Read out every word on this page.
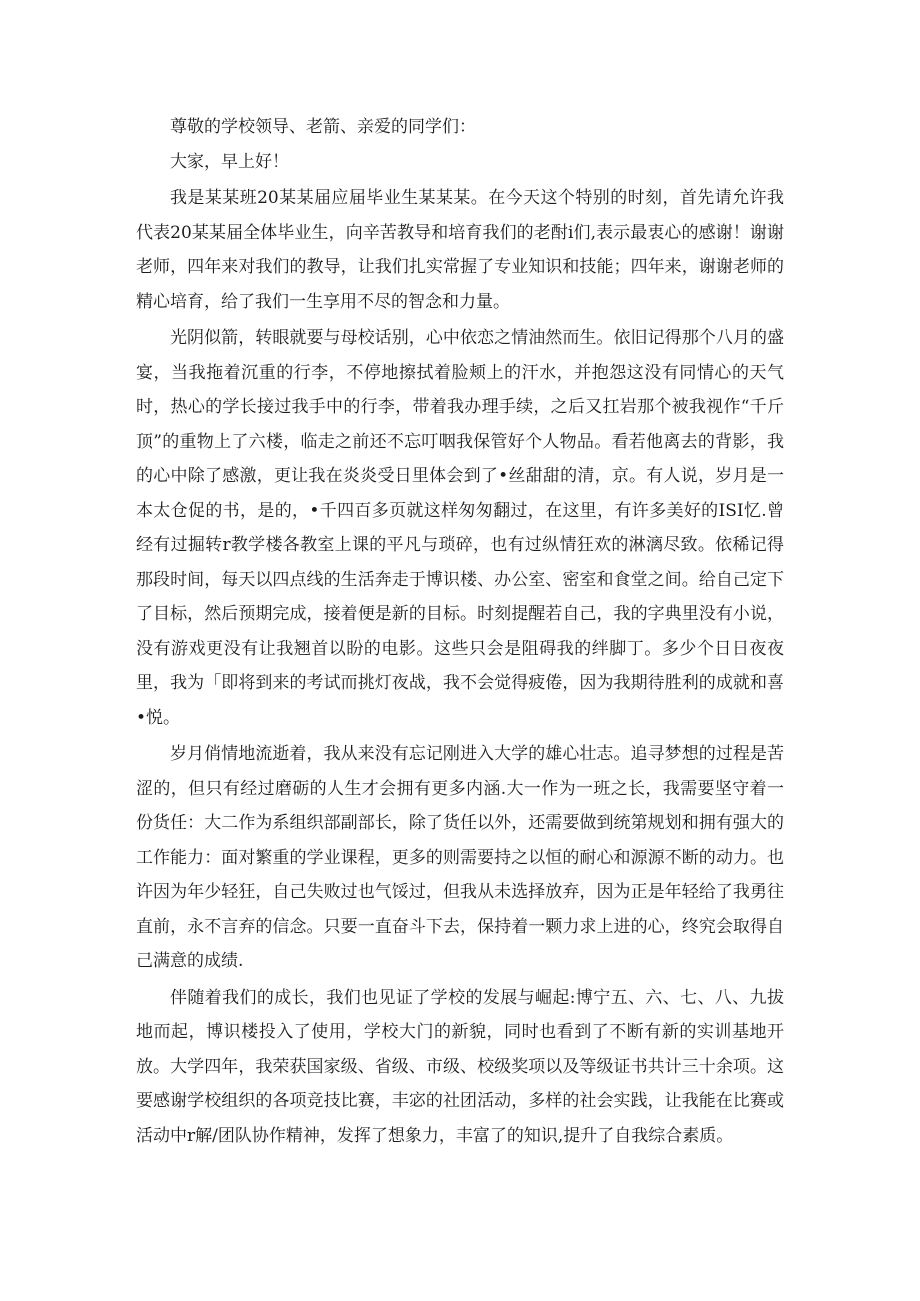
尊敬的学校领导、老箭、亲爱的同学们：

大家，早上好！

我是某某班20某某届应届毕业生某某某。在今天这个特别的时刻，首先请允许我代表20某某届全体毕业生，向辛苦教导和培育我们的老酎i们,表示最衷心的感谢！谢谢老师，四年来对我们的教导，让我们扎实常握了专业知识和技能；四年来，谢谢老师的精心培育，给了我们一生享用不尽的智念和力量。

光阴似箭，转眼就要与母校话别，心中依恋之情油然而生。依旧记得那个八月的盛宴，当我拖着沉重的行李，不停地擦拭着脸颊上的汗水，并抱怨这没有同情心的天气时，热心的学长接过我手中的行李，带着我办理手续，之后又扛岩那个被我视作“千斤顶”的重物上了六楼，临走之前还不忘叮咽我保管好个人物品。看若他离去的背影，我的心中除了感激，更让我在炎炎受日里体会到了•丝甜甜的清，京。有人说，岁月是一本太仓促的书，是的，•千四百多页就这样匆匆翻过，在这里，有许多美好的ISI忆.曾经有过掘转r教学楼各教室上课的平凡与琐碎，也有过纵情狂欢的淋漓尽致。依稀记得那段时间，每天以四点线的生活奔走于博识楼、办公室、密室和食堂之间。给自己定下了目标，然后预期完成，接着便是新的目标。时刻提醒若自己，我的字典里没有小说，没有游戏更没有让我翘首以盼的电影。这些只会是阻碍我的绊脚丁。多少个日日夜夜里，我为「即将到来的考试而挑灯夜战，我不会觉得疲倦，因为我期待胜利的成就和喜•悦。

岁月俏情地流逝着，我从来没有忘记刚进入大学的雄心壮志。追寻梦想的过程是苦涩的，但只有经过磨砺的人生才会拥有更多内涵.大一作为一班之长，我需要坚守着一份货任：大二作为系组织部副部长，除了货任以外，还需要做到统第规划和拥有强大的工作能力：面对繁重的学业课程，更多的则需要持之以恒的耐心和源源不断的动力。也许因为年少轻狂，自己失败过也气馁过，但我从未选择放弃，因为正是年轻给了我勇往直前，永不言弃的信念。只要一直奋斗下去，保持着一颗力求上进的心，终究会取得自己满意的成绩.

伴随着我们的成长，我们也见证了学校的发展与崛起:博宁五、六、七、八、九拔地而起，博识楼投入了使用，学校大门的新貌，同时也看到了不断有新的实训基地开放。大学四年，我荣获国家级、省级、市级、校级奖项以及等级证书共计三十余项。这要感谢学校组织的各项竞技比赛，丰宓的社团活动，多样的社会实践，让我能在比赛或活动中r解/团队协作精神，发挥了想象力，丰富了的知识,提升了自我综合素质。
